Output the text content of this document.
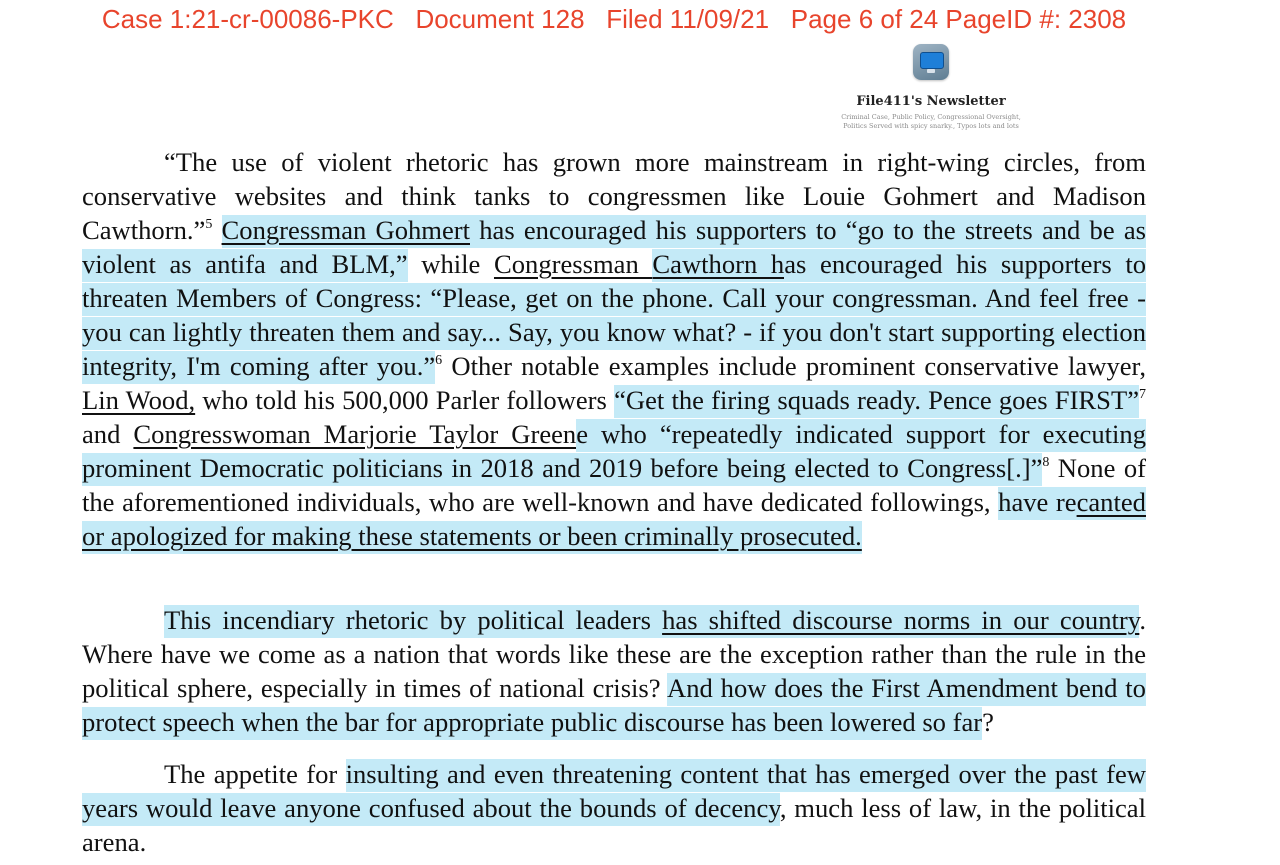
Case 1:21-cr-00086-PKC   Document 128   Filed 11/09/21   Page 6 of 24 PageID #: 2308
File411's Newsletter
Criminal Case, Public Policy, Congressional Oversight,
Politics Served with spicy snarky., Typos lots and lots

“The use of violent rhetoric has grown more mainstream in right-wing circles, from conservative websites and think tanks to congressmen like Louie Gohmert and Madison Cawthorn.”$^5$ Congressman Gohmert has encouraged his supporters to “go to the streets and be as violent as antifa and BLM,” while Congressman Cawthorn has encouraged his supporters to threaten Members of Congress: “Please, get on the phone. Call your congressman. And feel free - you can lightly threaten them and say... Say, you know what? - if you don't start supporting election integrity, I'm coming after you.”$^6$ Other notable examples include prominent conservative lawyer, Lin Wood, who told his 500,000 Parler followers “Get the firing squads ready. Pence goes FIRST”$^7$ and Congresswoman Marjorie Taylor Greene who “repeatedly indicated support for executing prominent Democratic politicians in 2018 and 2019 before being elected to Congress[.]”$^8$ None of the aforementioned individuals, who are well-known and have dedicated followings, have recanted or apologized for making these statements or been criminally prosecuted.

This incendiary rhetoric by political leaders has shifted discourse norms in our country. Where have we come as a nation that words like these are the exception rather than the rule in the political sphere, especially in times of national crisis? And how does the First Amendment bend to protect speech when the bar for appropriate public discourse has been lowered so far?

The appetite for insulting and even threatening content that has emerged over the past few years would leave anyone confused about the bounds of decency, much less of law, in the political arena.
